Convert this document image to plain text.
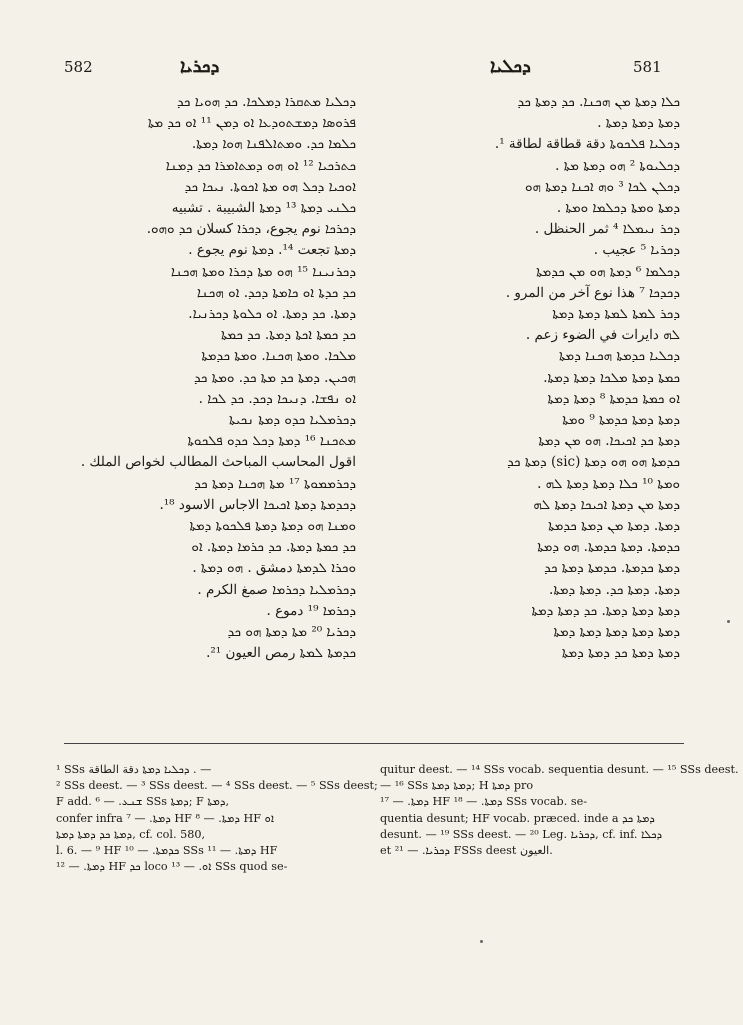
582	ܕܟܪܝܐ	ܕܟܠܝܐ	581
ܕܟܠܝܐ ܡܬܩܪܐ ܕܡܠܟܐ. ܟܕ ܗܘܝܐ ܟܕ
ܦܪܘܣܐ ܕܡܫܬܘܕܥܐ ܐܘ ܕܡܢ ¹¹ ܐܘ ܟܕ ܡܬܐ
ܟܠܡܐ ܟܕ. ܘܡܬܐܠܦܢܐ ܗܘܐ ܕܡܬܐ.
ܟܬܪܟܝܐ ¹² ܐܘ ܗܘ ܕܡܬܐܡܪܐ ܟܕ ܕܡܢܐ
ܐܘܟܝܐ ܕܟܠ ܗܘ ܡܬܐ ܐܟܘܬܐ. ܢܝܟܐ ܟܕ
ܟܠܢܝ ܕܡܬܐ ¹³ ܕܡܬܐ الشبيبة . تشبيه
ܕܟܪܟܐ نوم يجوع، ܕܟܪܐ كسلان ܟܕ ܘܗܘ.
ܕܡܬܐ تجعت ¹⁴. ܕܡܬܐ نوم يجوع .
ܕܟܪܢܝܢܐ ¹⁵ ܗܘ ܡܬܐ ܕܟܪܐ ܘܡܬܐ ܗܟܢܐ
ܟܕ ܟܕܬܐ ܐܘ ܟܐܡܬܐ ܕܟܕ. ܐܘ ܗܟܢܐ
ܕܡܬܐ. ܟܕ ܕܡܬܐ. ܐܘ ܟܠܘܬܐ ܕܟܪܢܝܐ.
ܟܕ ܟܡܬܐ ܐܟܬܐ ܕܡܬܐ. ܟܕ ܟܡܬܐ
ܡܠܟܐ. ܘܡܬܐ ܗܟܢܐ. ܘܡܬܐ ܟܕܡܬܐ
ܗܟܝܢ. ܕܡܬܐ ܟܕ ܡܬܐ ܟܕ. ܘܡܬܐ ܟܕ
ܐܘ ܢܦܫܐ. ܕܢܝܟܐ ܕܟܕ. ܟܕ ܠܟܐ .
ܕܟܪܡܠܝܐ ܟܕܘ ܕܡܬܐ ܢܟܝܬܐ
ܡܬܟܢܐ ¹⁶ ܕܡܬܐ ܕܟܠ ܟܕܘ ܦܠܟܘܬܐ
اقول المحاسب المباحث المطالب لخواص الملك .
ܕܟܪܡܡܘܬܐ ¹⁷ ܡܬܐ ܗܟܢܐ ܕܡܬܐ ܟܕ
ܕܟܕܡܬܐ ܕܡܬܐ ܐܟܝܟܐ الاجاس الاسود ¹⁸.
ܘܡܢܐ ܗܘ ܕܡܬܐ ܕܡܬܐ ܦܠܟܘܬܐ ܕܡܬܐ
ܟܕ ܟܡܬܐ ܕܡܬܐ. ܟܕ ܟܪܡܐ ܕܡܬܐ. ܐܘ
ܘܟܪܐ ܠܕܡܬܐ دمشق . ܗܘ ܕܡܬܐ .
ܕܟܪܡܠܝܐ ܕܟܪܡܐ صمغ الكرم .
ܕܟܪܡܐ ¹⁹ دموع .
ܕܟܪܝܐ ²⁰ ܡܬܐ ܕܡܬܐ ܗܘ ܟܕ
ܟܕܡܬܐ ܠܡܬܐ رمص العيون ²¹.
ܟܠܐ ܕܡܬܐ ܡܢ ܗܟܢܐ. ܟܕ ܕܡܬܐ ܟܕ
ܕܡܬܐ ܕܡܬܐ ܕܡܬܐ .
ܕܟܠܝܐ ܦܠܟܘܬܐ دقة قطاقة لطاقة ¹.
ܕܟܠܝܘܬܐ ² ܗܘ ܕܡܬܐ ܡܬܐ .
ܕܟܠܢ ܠܟܐ ³ ܘܗ ܐܟܢܐ ܕܡܬܐ ܗܘ
ܕܡܬܐ ܘܡܬܐ ܕܟܠܡܐ ܘܡܬܐ .
ܕܟܪ ܢܝܡܠܐ ⁴ ثمر الحنظل .
ܕܟܪܝܐ ⁵ عجيب .
ܕܟܠܡܐ ⁶ ܕܡܬܐ ܗܘ ܡܢ ܟܕܡܬܐ
ܕܟܕܟܐ ⁷ هذا نوع آخر من المرو .
ܕܟܪ ܠܡܬܐ ܠܡܬܐ ܕܡܬܐ ܕܡܬܐ
ܠܗ دايرات في الضوء زعم .
ܕܟܠܝܐ ܟܕܡܬܐ ܗܟܢܐ ܕܡܬܐ
ܟܡܬܐ ܕܡܬܐ ܡܠܟܐ ܕܡܬܐ ܕܡܬܐ.
ܐܘ ܟܡܬܐ ܟܕܡܬܐ ⁸ ܕܡܬܐ ܕܡܬܐ
ܕܡܬܐ ܕܡܬܐ ܟܕܡܬܐ ⁹ ܘܡܬܐ
ܕܡܬܐ ܟܕ ܐܟܝܟܐ. ܗܘ ܡܢ ܕܡܬܐ
ܟܕܡܬܐ ܗܘ ܗܘ ܕܡܬܐ (sic) ܕܡܬܐ ܟܕ
ܘܡܬܐ ¹⁰ ܟܠܐ ܕܡܬܐ ܕܡܬܐ ܠܗ .
ܕܡܬܐ ܡܢ ܕܡܬܐ ܐܟܝܟܐ ܕܡܬܐ ܠܗ
ܕܡܬܐ. ܕܡܬܐ ܡܢ ܕܡܬܐ ܟܕܡܬܐ
ܟܕܡܬܐ. ܕܡܬܐ ܟܕܡܬܐ. ܗܘ ܕܡܬܐ
ܕܡܬܐ ܟܕܡܬܐ. ܟܕܡܬܐ ܕܡܬܐ ܟܕ
ܕܡܬܐ. ܕܡܬܐ ܟܕ. ܕܡܬܐ ܕܡܬܐ.
ܕܡܬܐ ܕܡܬܐ ܕܡܬܐ. ܟܕ ܕܡܬܐ ܕܡܬܐ
ܕܡܬܐ ܕܡܬܐ ܕܡܬܐ ܕܡܬܐ ܕܡܬܐ
ܕܡܬܐ ܕܡܬܐ ܟܕ ܕܡܬܐ ܕܡܬܐ
¹ SSs ܕܟܠܝܐ ܕܡܬܐ دقة الطاقة . —
² SSs deest. — ³ SSs deest. — ⁴ SSs deest. — ⁵ SSs deest;
F add. ܫܢܥ. — ⁶ SSs ܕܡܬܐ; F ܕܡܬܐ,
confer infra ܕܡܬܐ. — ⁷ HF ܕܡܬܐ. — ⁸ HF ܐܘ
ܕܡܬܐ ܟܕ ܕܡܬܐ ܕܡܬܐ, cf. col. 580,
l. 6. — ⁹ HF ܟܕܡܬܐ. — ¹⁰ SSs ܕܡܬܐ. — ¹¹ HF
ܕܡܬܐ. — ¹² HF ܟܕ loco ܐܘ. — ¹³ SSs quod se-
quitur deest. — ¹⁴ SSs vocab. sequentia desunt. — ¹⁵ SSs deest.
— ¹⁶ SSs ܕܡܬܐ ܕܡܬܐ; H ܕܡܬܐ pro
ܕܡܬܐ. — ¹⁷ HF ܕܡܬܐ. — ¹⁸ SSs vocab. se-
quentia desunt; HF vocab. præced. inde a ܕܡܬܐ ܟܕ
desunt. — ¹⁹ SSs deest. — ²⁰ Leg. ܕܟܪܝܐ, cf. inf. ܕܟܠܐ
et ܕܟܪܝܐ. — ²¹ FSSs deest العيون.
